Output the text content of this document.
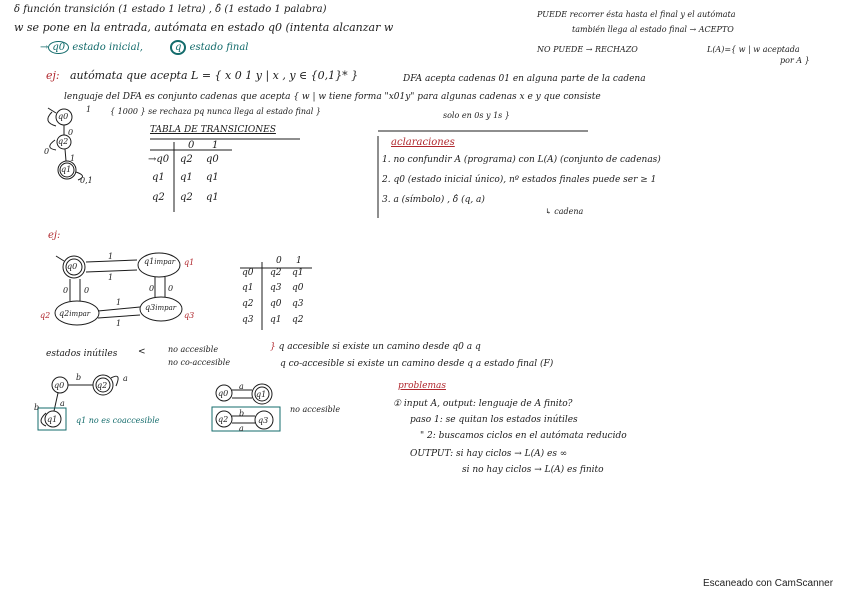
δ función transición (1 estado 1 letra) , δ̂ (1 estado 1 palabra)
w se pone en la entrada, autómata en estado q0 (intenta alcanzar w
→ q0 estado inicial,	q estado final
PUEDE recorrer ésta hasta el final y el autómata
también llega al estado final → ACEPTO
NO PUEDE → RECHAZO	L(A)={ w | w aceptada
por A }
ej: autómata que acepta L = { x 0 1 y | x , y ∈ {0,1}* }	DFA acepta cadenas 01 en alguna parte de la cadena
lenguaje del DFA es conjunto cadenas que acepta { w | w tiene forma "x01y" para algunas cadenas x e y que consiste
{ 1000 } se rechaza pq nunca llega al estado final }	solo en 0s y 1s }
q0
q2
q1
1
0
0
1
0,1
TABLA DE TRANSICIONES
0 1
→q0 q2 q0
q1 q1 q1
q2 q2 q1
aclaraciones
1. no confundir A (programa) con L(A) (conjunto de cadenas)
2. q0 (estado inicial único), nº estados finales puede ser ≥ 1
3. a (símbolo) , δ̂ (q, a)
↳ cadena
ej:
q0
q1impar
q2impar
q3impar
q1
q2	q3
1
1
0 0	0 0
1
1
0 1
q0 q2 q1
q1 q3 q0
q2 q0 q3
q3 q1 q2
estados inútiles <	no accesible
no co-accesible
} q accesible si existe un camino desde q0 a q
q co-accesible si existe un camino desde q a estado final (F)
q0	q2
q1
b	a
a
b
q1 no es coaccesible
q0	q1
q2	q3
a
b
a
no accesible
problemas
① input A, output: lenguaje de A finito?
paso 1: se quitan los estados inútiles
" 2: buscamos ciclos en el autómata reducido
OUTPUT: si hay ciclos → L(A) es ∞
si no hay ciclos → L(A) es finito
Escaneado con CamScanner
